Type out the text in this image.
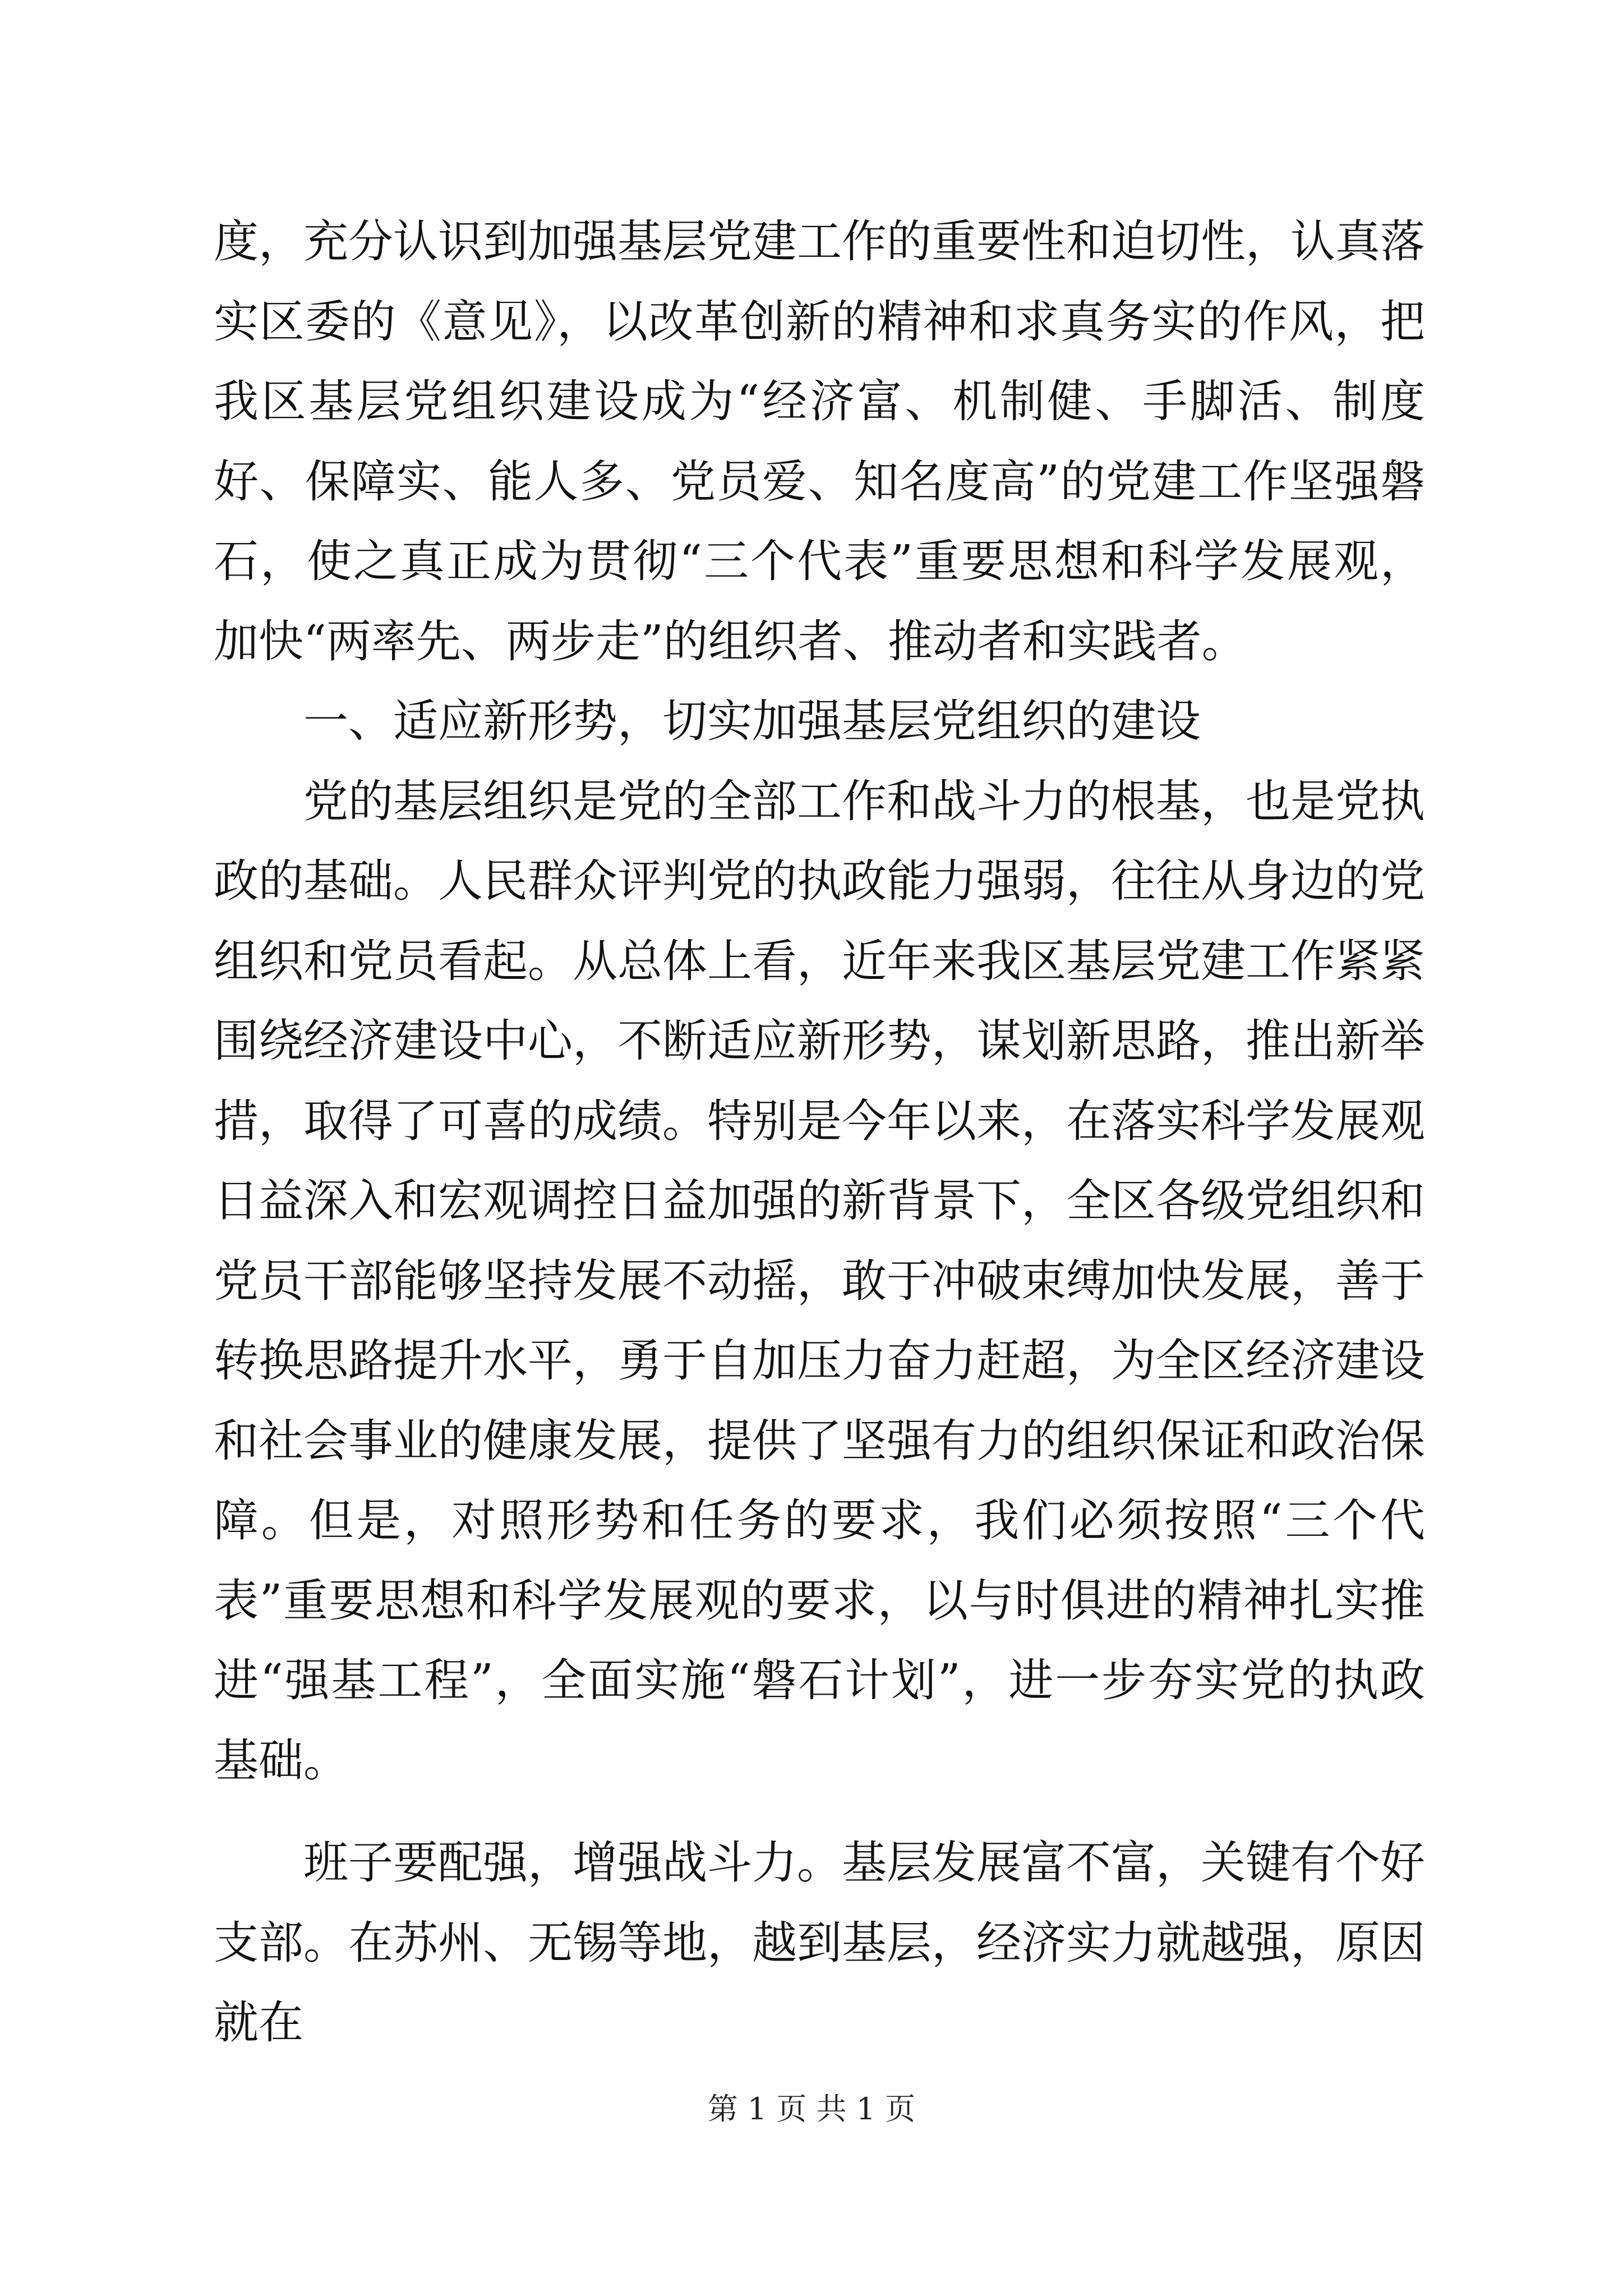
度，充分认识到加强基层党建工作的重要性和迫切性，认真落实区委的《意见》，以改革创新的精神和求真务实的作风，把我区基层党组织建设成为“经济富、机制健、手脚活、制度好、保障实、能人多、党员爱、知名度高”的党建工作坚强磐石，使之真正成为贯彻“三个代表”重要思想和科学发展观，加快“两率先、两步走”的组织者、推动者和实践者。

一、适应新形势，切实加强基层党组织的建设

党的基层组织是党的全部工作和战斗力的根基，也是党执政的基础。人民群众评判党的执政能力强弱，往往从身边的党组织和党员看起。从总体上看，近年来我区基层党建工作紧紧围绕经济建设中心，不断适应新形势，谋划新思路，推出新举措，取得了可喜的成绩。特别是今年以来，在落实科学发展观日益深入和宏观调控日益加强的新背景下，全区各级党组织和党员干部能够坚持发展不动摇，敢于冲破束缚加快发展，善于转换思路提升水平，勇于自加压力奋力赶超，为全区经济建设和社会事业的健康发展，提供了坚强有力的组织保证和政治保障。但是，对照形势和任务的要求，我们必须按照“三个代表”重要思想和科学发展观的要求，以与时俱进的精神扎实推进“强基工程”，全面实施“磐石计划”，进一步夯实党的执政基础。

班子要配强，增强战斗力。基层发展富不富，关键有个好支部。在苏州、无锡等地，越到基层，经济实力就越强，原因就在

第 1 页 共 1 页
